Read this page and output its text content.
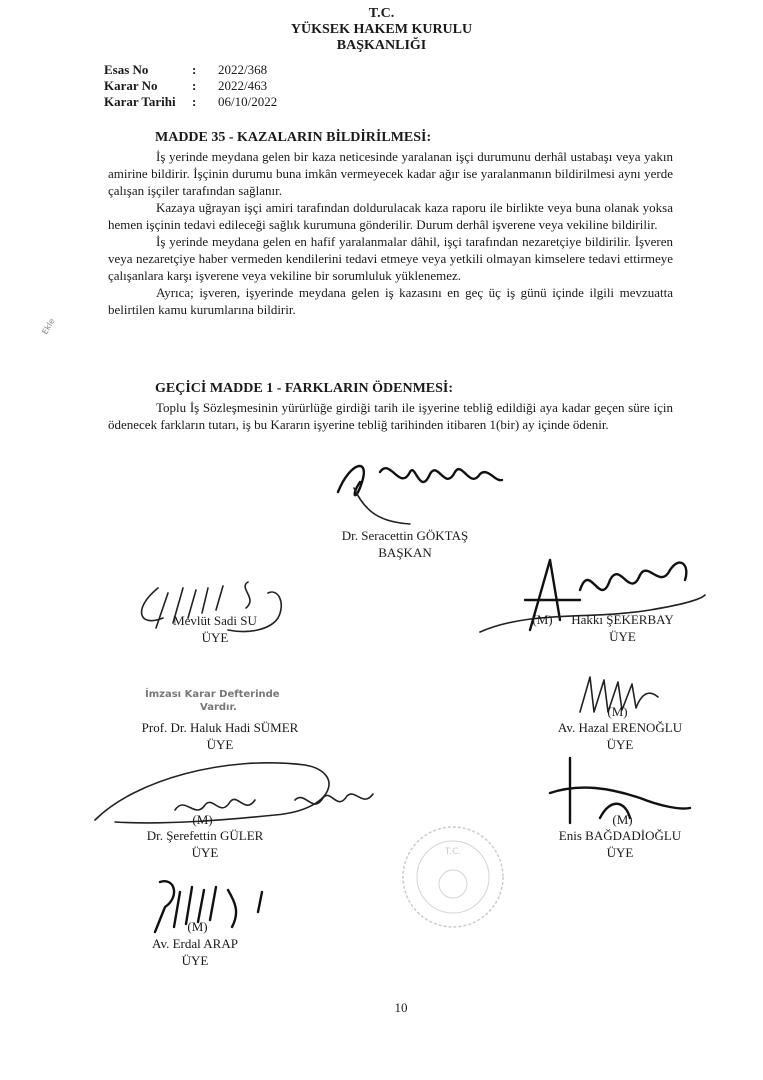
T.C.
YÜKSEK HAKEM KURULU
BAŞKANLIĞI
Esas No	: 2022/368
Karar No	: 2022/463
Karar Tarihi : 06/10/2022
MADDE 35 - KAZALARIN BİLDİRİLMESİ:

İş yerinde meydana gelen bir kaza neticesinde yaralanan işçi durumunu derhâl ustabaşı veya yakın amirine bildirir. İşçinin durumu buna imkân vermeyecek kadar ağır ise yaralanmanın bildirilmesi aynı yerde çalışan işçiler tarafından sağlanır.

Kazaya uğrayan işçi amiri tarafından doldurulacak kaza raporu ile birlikte veya buna olanak yoksa hemen işçinin tedavi edileceği sağlık kurumuna gönderilir. Durum derhâl işverene veya vekiline bildirilir.

İş yerinde meydana gelen en hafif yaralanmalar dâhil, işçi tarafından nezaretçiye bildirilir. İşveren veya nezaretçiye haber vermeden kendilerini tedavi etmeye veya yetkili olmayan kimselere tedavi ettirmeye çalışanlara karşı işverene veya vekiline bir sorumluluk yüklenemez.

Ayrıca; işveren, işyerinde meydana gelen iş kazasını en geç üç iş günü içinde ilgili mevzuatta belirtilen kamu kurumlarına bildirir.

GEÇİCİ MADDE 1 - FARKLARIN ÖDENMESİ:

Toplu İş Sözleşmesinin yürürlüğe girdiği tarih ile işyerine tebliğ edildiği aya kadar geçen süre için ödenecek farkların tutarı, iş bu Kararın işyerine tebliğ tarihinden itibaren 1(bir) ay içinde ödenir.

Ekle
Dr. Seracettin GÖKTAŞ
BAŞKAN
Mevlüt Sadi SU
ÜYE
(M)	Hakkı ŞEKERBAY
ÜYE
İmzası Karar Defterinde
Vardır.
Prof. Dr. Haluk Hadi SÜMER
ÜYE
(M)
Av. Hazal ERENOĞLU
ÜYE
(M)
Dr. Şerefettin GÜLER
ÜYE
(M)
Enis BAĞDADİOĞLU
ÜYE
T.C.
(M)
Av. Erdal ARAP
ÜYE
10
